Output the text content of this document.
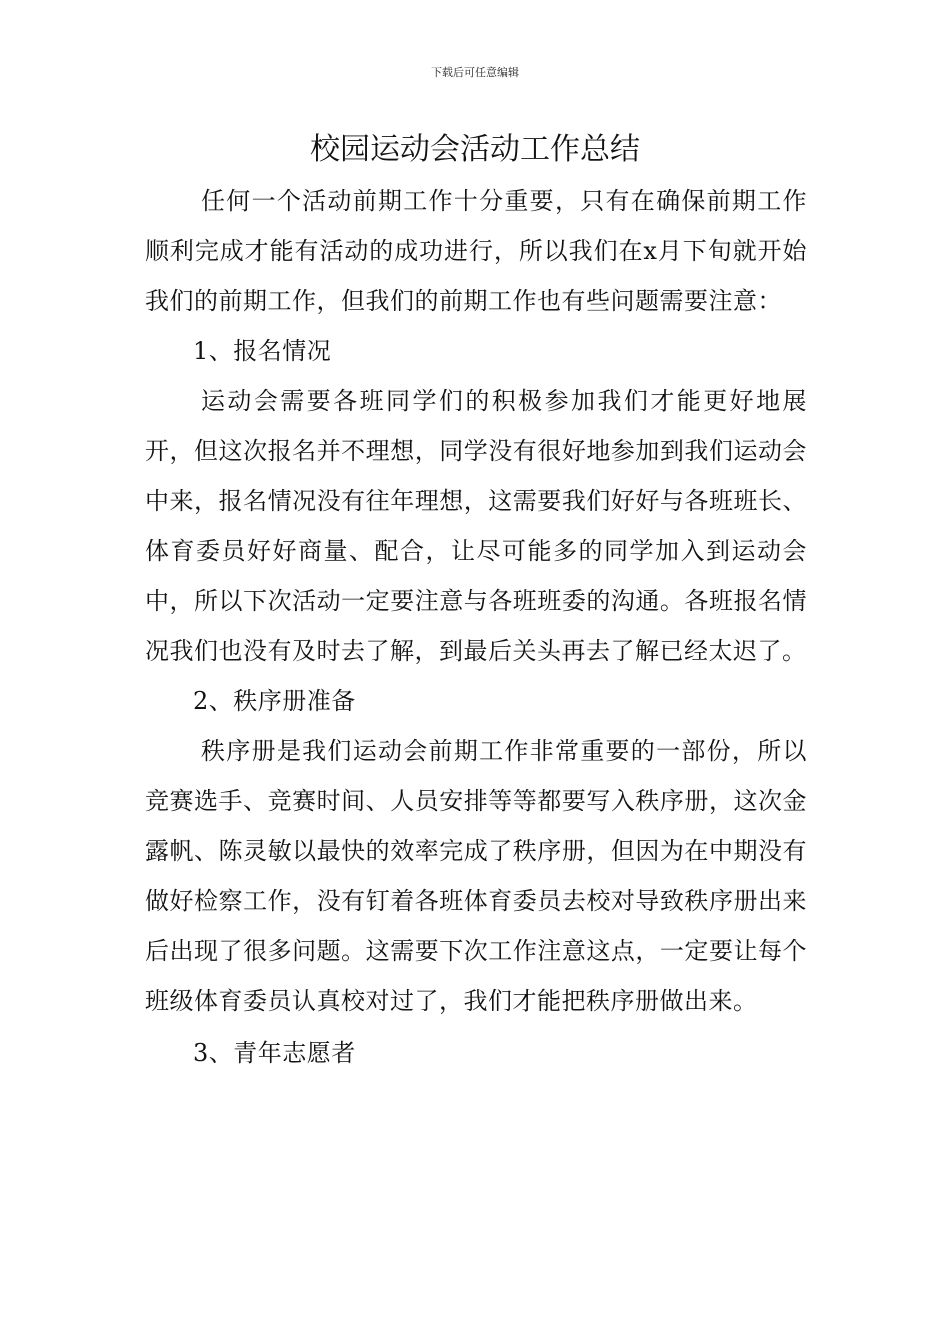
下载后可任意编辑
校园运动会活动工作总结

任何一个活动前期工作十分重要，只有在确保前期工作顺利完成才能有活动的成功进行，所以我们在x月下旬就开始我们的前期工作，但我们的前期工作也有些问题需要注意：

1、报名情况

运动会需要各班同学们的积极参加我们才能更好地展开，但这次报名并不理想，同学没有很好地参加到我们运动会中来，报名情况没有往年理想，这需要我们好好与各班班长、体育委员好好商量、配合，让尽可能多的同学加入到运动会中，所以下次活动一定要注意与各班班委的沟通。各班报名情况我们也没有及时去了解，到最后关头再去了解已经太迟了。

2、秩序册准备

秩序册是我们运动会前期工作非常重要的一部份，所以竞赛选手、竞赛时间、人员安排等等都要写入秩序册，这次金露帆、陈灵敏以最快的效率完成了秩序册，但因为在中期没有做好检察工作，没有钉着各班体育委员去校对导致秩序册出来后出现了很多问题。这需要下次工作注意这点，一定要让每个班级体育委员认真校对过了，我们才能把秩序册做出来。

3、青年志愿者
